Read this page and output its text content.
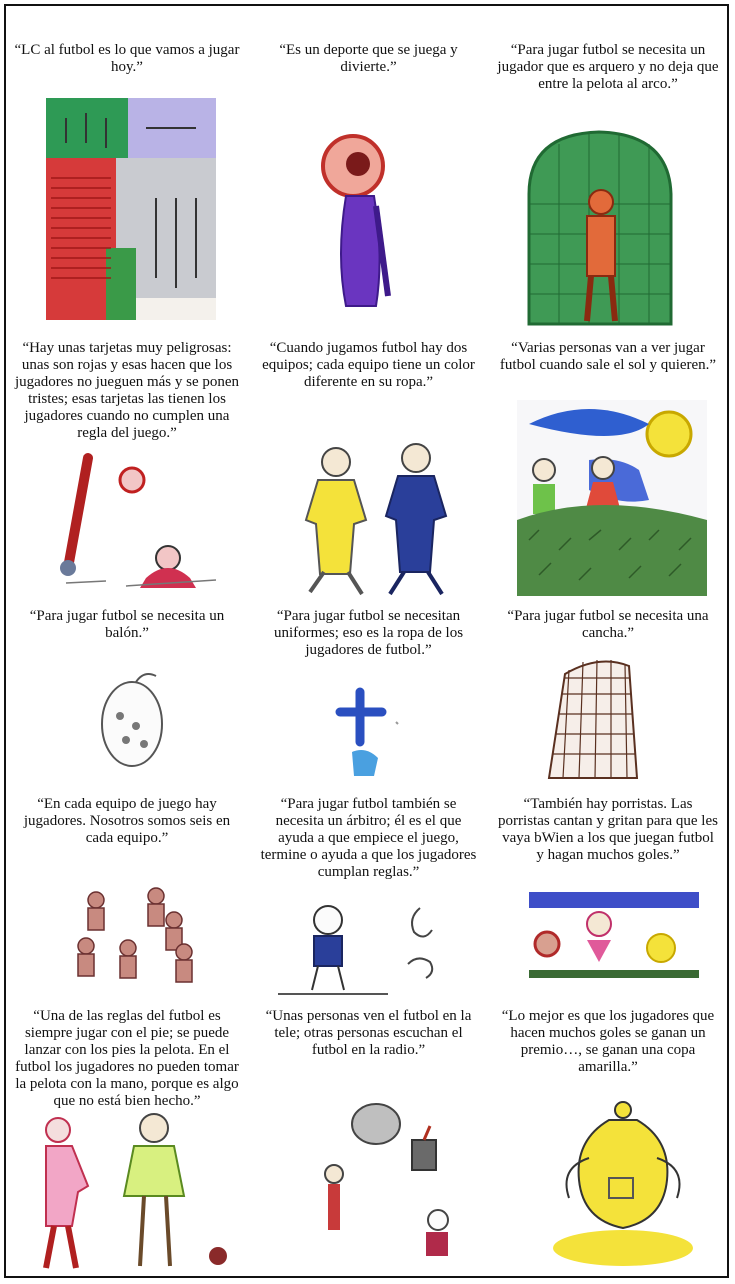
“LC al futbol es lo que vamos a jugar hoy.”
“Es un deporte que se juega y divierte.”
“Para jugar futbol se necesita un jugador que es arquero y no deja que entre la pelota al arco.”
“Hay unas tarjetas muy peligrosas: unas son rojas y esas hacen que los jugadores no jueguen más y se ponen tristes; esas tarjetas las tienen los jugadores cuando no cumplen una regla del juego.”
“Cuando jugamos futbol hay dos equipos; cada equipo tiene un color diferente en su ropa.”
“Varias personas van a ver jugar futbol cuando sale el sol y quieren.”
“Para jugar futbol se necesita un balón.”
“Para jugar futbol se necesitan uniformes; eso es la ropa de los jugadores de futbol.”
“Para jugar futbol se necesita una cancha.”
“En cada equipo de juego hay jugadores. Nosotros somos seis en cada equipo.”
“Para jugar futbol también se necesita un árbitro; él es el que ayuda a que empiece el juego, termine o ayuda a que los jugadores cumplan reglas.”
“También hay porristas. Las porristas cantan y gritan para que les vaya bWien a los que juegan futbol y hagan muchos goles.”
“Una de las reglas del futbol es siempre jugar con el pie; se puede lanzar con los pies la pelota. En el futbol los jugadores no pueden tomar la pelota con la mano, porque es algo que no está bien hecho.”
“Unas personas ven el futbol en la tele; otras personas escuchan el futbol en la radio.”
“Lo mejor es que los jugadores que hacen muchos goles se ganan un premio…, se ganan una copa amarilla.”
